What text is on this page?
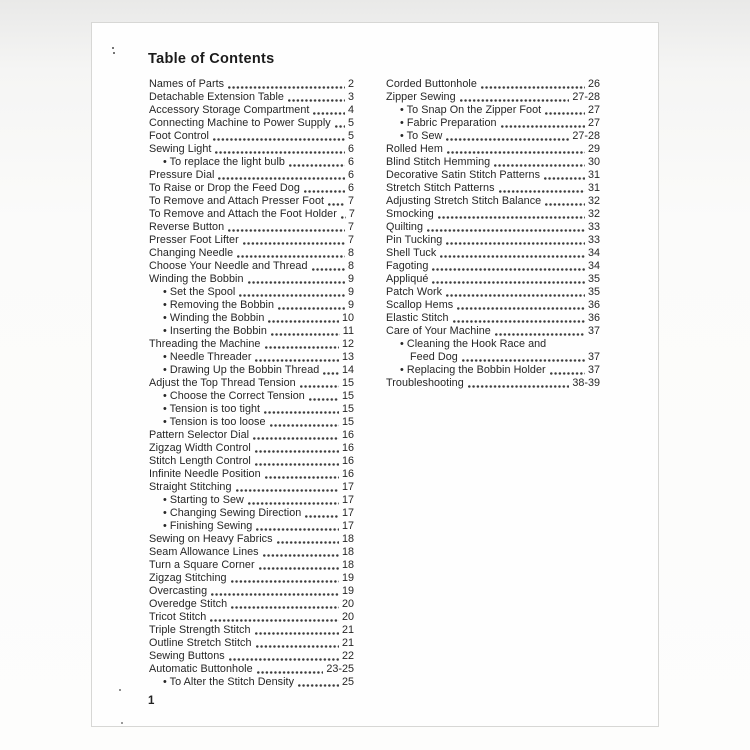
Table of Contents
Names of Parts	2
Detachable Extension Table	3
Accessory Storage Compartment	4
Connecting Machine to Power Supply 5
Foot Control	5
Sewing Light	6
• To replace the light bulb	6
Pressure Dial	6
To Raise or Drop the Feed Dog	6
To Remove and Attach Presser Foot 7
To Remove and Attach the Foot Holder 7
Reverse Button	7
Presser Foot Lifter	7
Changing Needle	8
Choose Your Needle and Thread	8
Winding the Bobbin	9
• Set the Spool	9
• Removing the Bobbin	9
• Winding the Bobbin	10
• Inserting the Bobbin	11
Threading the Machine	12
• Needle Threader	13
• Drawing Up the Bobbin Thread 14
Adjust the Top Thread Tension	15
• Choose the Correct Tension	15
• Tension is too tight	15
• Tension is too loose	15
Pattern Selector Dial	16
Zigzag Width Control	16
Stitch Length Control	16
Infinite Needle Position	16
Straight Stitching	17
• Starting to Sew	17
• Changing Sewing Direction	17
• Finishing Sewing	17
Sewing on Heavy Fabrics	18
Seam Allowance Lines	18
Turn a Square Corner	18
Zigzag Stitching	19
Overcasting	19
Overedge Stitch	20
Tricot Stitch	20
Triple Strength Stitch	21
Outline Stretch Stitch	21
Sewing Buttons	22
Automatic Buttonhole	23-25
• To Alter the Stitch Density	25
Corded Buttonhole	26
Zipper Sewing	27-28
• To Snap On the Zipper Foot	27
• Fabric Preparation	27
• To Sew	27-28
Rolled Hem	29
Blind Stitch Hemming	30
Decorative Satin Stitch Patterns	31
Stretch Stitch Patterns	31
Adjusting Stretch Stitch Balance	32
Smocking	32
Quilting	33
Pin Tucking	33
Shell Tuck	34
Fagoting	34
Appliqué	35
Patch Work	35
Scallop Hems	36
Elastic Stitch	36
Care of Your Machine	37
• Cleaning the Hook Race and
Feed Dog	37
• Replacing the Bobbin Holder	37
Troubleshooting	38-39
1
